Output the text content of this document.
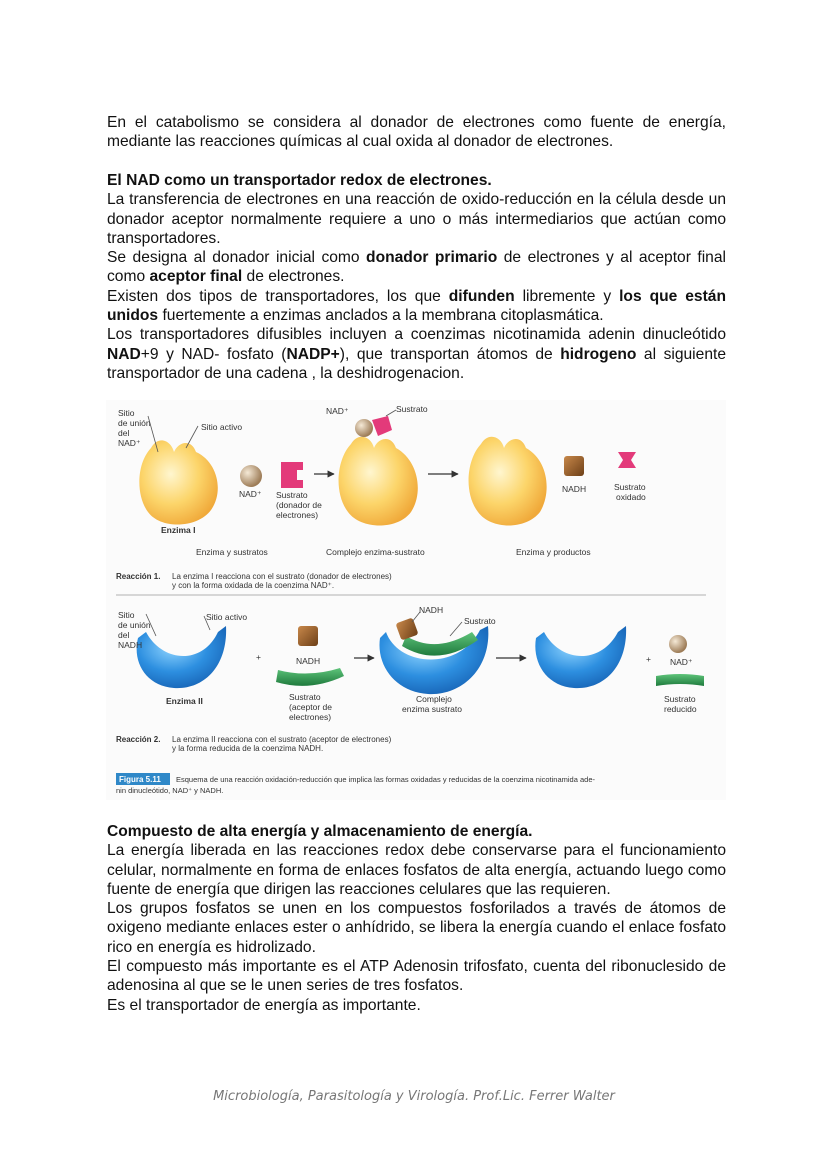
En el catabolismo se considera al donador de electrones como fuente de energía, mediante las reacciones químicas al cual oxida al donador de electrones.

El NAD como un transportador redox de electrones.

La transferencia de electrones en una reacción de oxido-reducción en la célula desde un donador aceptor normalmente requiere a uno o más intermediarios que actúan como transportadores.

Se designa al donador inicial como donador primario de electrones y al aceptor final como aceptor final de electrones.

Existen dos tipos de transportadores, los que difunden libremente y los que están unidos fuertemente a enzimas anclados a la membrana citoplasmática.

Los transportadores difusibles incluyen a coenzimas nicotinamida adenin dinucleótido NAD+9 y NAD- fosfato (NADP+), que transportan átomos de hidrogeno al siguiente transportador de una cadena , la deshidrogenacion.

Sitio de unión del NAD⁺
Sitio activo
Enzima I
NAD⁺ Sustrato (donador de electrones)
NAD⁺	Sustrato
NADH	Sustrato oxidado
Enzima y sustratos	Complejo enzima-sustrato	Enzima y productos
Reacción 1. La enzima I reacciona con el sustrato (donador de electrones) y con la forma oxidada de la coenzima NAD⁺.
Sitio de unión del NADH
Sitio activo
Enzima II
+	NADH
Sustrato (aceptor de electrones)
NADH
Sustrato
Complejo enzima sustrato
+ NAD⁺
Sustrato reducido
Reacción 2. La enzima II reacciona con el sustrato (aceptor de electrones) y la forma reducida de la coenzima NADH.
Figura 5.11	Esquema de una reacción oxidación-reducción que implica las formas oxidadas y reducidas de la coenzima nicotinamida ade- nin dinucleótido, NAD⁺ y NADH.

Compuesto de alta energía y almacenamiento de energía.

La energía liberada en las reacciones redox debe conservarse para el funcionamiento celular, normalmente en forma de enlaces fosfatos de alta energía, actuando luego como fuente de energía que dirigen las reacciones celulares que las requieren.

Los grupos fosfatos se unen en los compuestos fosforilados a través de átomos de oxigeno mediante enlaces ester o anhídrido, se libera la energía cuando el enlace fosfato rico en energía es hidrolizado.

El compuesto más importante es el ATP Adenosin trifosfato, cuenta del ribonuclesido de adenosina al que se le unen series de tres fosfatos.

Es el transportador de energía as importante.

Microbiología, Parasitología y Virología. Prof.Lic. Ferrer Walter
